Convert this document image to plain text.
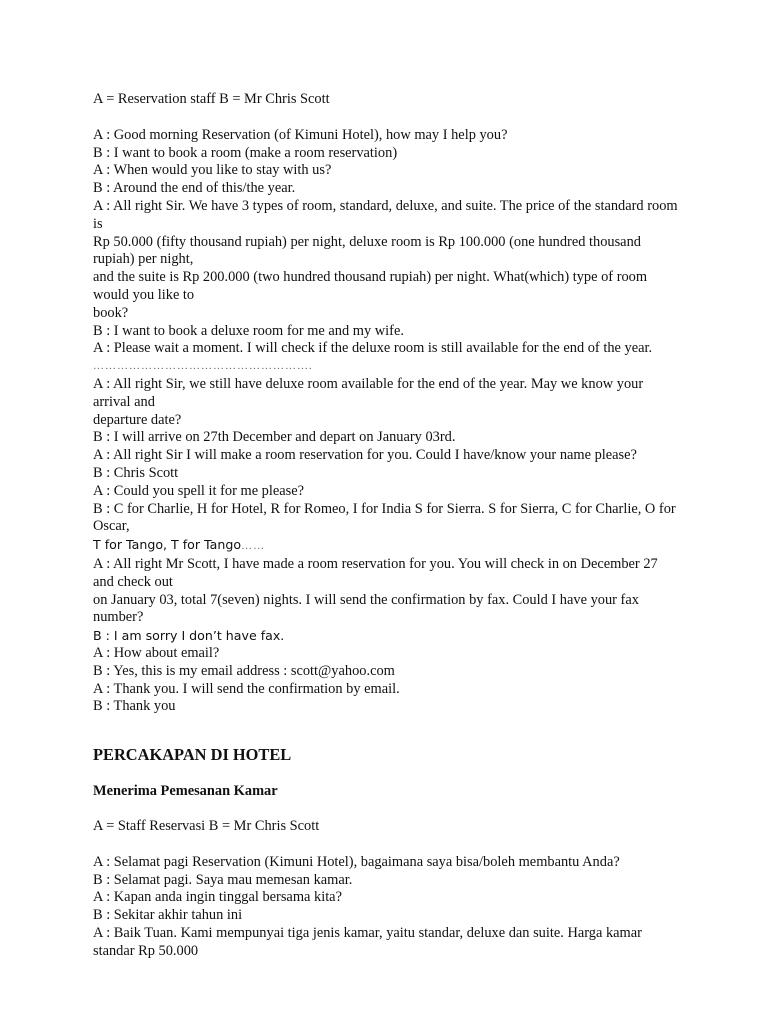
A = Reservation staff B = Mr Chris Scott
A : Good morning Reservation (of Kimuni Hotel), how may I help you?
B : I want to book a room (make a room reservation)
A : When would you like to stay with us?
B : Around the end of this/the year.
A : All right Sir. We have 3 types of room, standard, deluxe, and suite. The price of the standard room is
Rp 50.000 (fifty thousand rupiah) per night, deluxe room is Rp 100.000 (one hundred thousand rupiah) per night,
and the suite is Rp 200.000 (two hundred thousand rupiah) per night. What(which) type of room would you like to
book?
B : I want to book a deluxe room for me and my wife.
A : Please wait a moment. I will check if the deluxe room is still available for the end of the year.
……………………………………………….
A : All right Sir, we still have deluxe room available for the end of the year. May we know your arrival and
departure date?
B : I will arrive on 27th December and depart on January 03rd.
A : All right Sir I will make a room reservation for you. Could I have/know your name please?
B : Chris Scott
A : Could you spell it for me please?
B : C for Charlie, H for Hotel, R for Romeo, I for India S for Sierra. S for Sierra, C for Charlie, O for Oscar,
T for Tango, T for Tango……
A : All right Mr Scott, I have made a room reservation for you. You will check in on December 27 and check out
on January 03, total 7(seven) nights. I will send the confirmation by fax. Could I have your fax number?
B : I am sorry I don’t have fax.
A : How about email?
B : Yes, this is my email address : scott@yahoo.com
A : Thank you. I will send the confirmation by email.
B : Thank you
PERCAKAPAN DI HOTEL
Menerima Pemesanan Kamar
A = Staff Reservasi B = Mr Chris Scott
A : Selamat pagi Reservation (Kimuni Hotel), bagaimana saya bisa/boleh membantu Anda?
B : Selamat pagi. Saya mau memesan kamar.
A : Kapan anda ingin tinggal bersama kita?
B : Sekitar akhir tahun ini
A : Baik Tuan. Kami mempunyai tiga jenis kamar, yaitu standar, deluxe dan suite. Harga kamar standar Rp 50.000
